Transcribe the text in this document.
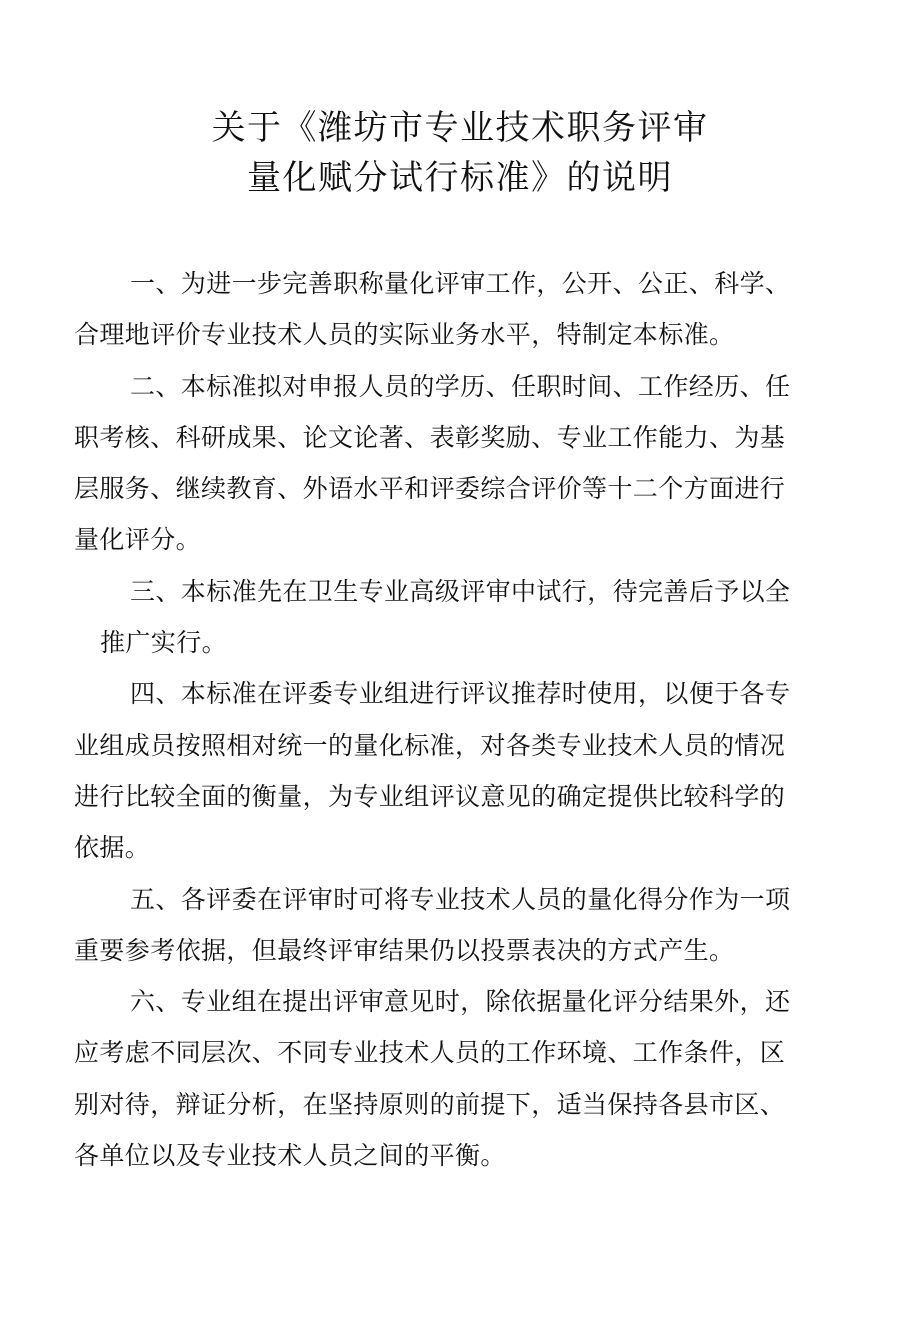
关于《潍坊市专业技术职务评审
量化赋分试行标准》的说明
一、为进一步完善职称量化评审工作，公开、公正、科学、
合理地评价专业技术人员的实际业务水平，特制定本标准。
二、本标准拟对申报人员的学历、任职时间、工作经历、任
职考核、科研成果、论文论著、表彰奖励、专业工作能力、为基
层服务、继续教育、外语水平和评委综合评价等十二个方面进行
量化评分。
三、本标准先在卫生专业高级评审中试行，待完善后予以全
推广实行。
四、本标准在评委专业组进行评议推荐时使用，以便于各专
业组成员按照相对统一的量化标准，对各类专业技术人员的情况
进行比较全面的衡量，为专业组评议意见的确定提供比较科学的
依据。
五、各评委在评审时可将专业技术人员的量化得分作为一项
重要参考依据，但最终评审结果仍以投票表决的方式产生。
六、专业组在提出评审意见时，除依据量化评分结果外，还
应考虑不同层次、不同专业技术人员的工作环境、工作条件，区
别对待，辩证分析，在坚持原则的前提下，适当保持各县市区、
各单位以及专业技术人员之间的平衡。
